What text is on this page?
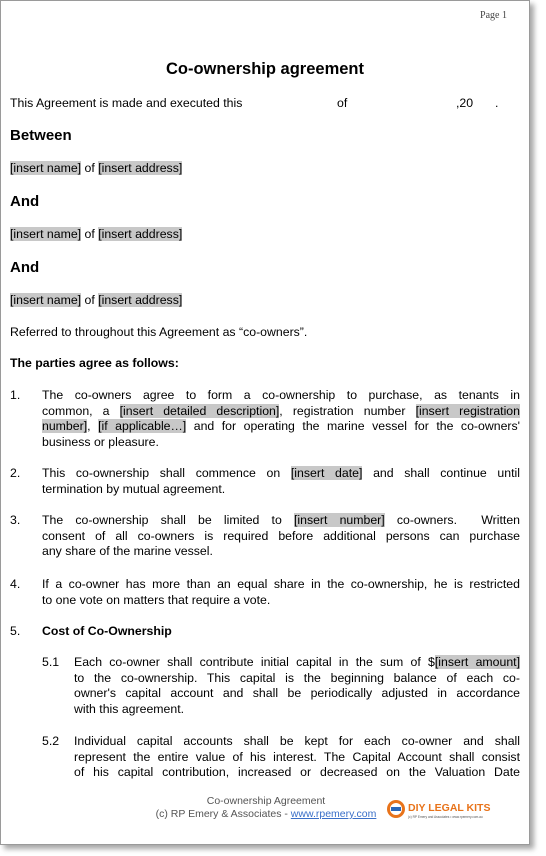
Page 1
Co-ownership agreement
This Agreement is made and executed this	of	,20 .
Between
[insert name] of [insert address]
And
[insert name] of [insert address]
And
[insert name] of [insert address]
Referred to throughout this Agreement as “co-owners”.
The parties agree as follows:
1. The co-owners agree to form a co-ownership to purchase, as tenants in
common, a [insert detailed description], registration number [insert registration
number], [if applicable…] and for operating the marine vessel for the co-owners'
business or pleasure.
2. This co-ownership shall commence on [insert date] and shall continue until
termination by mutual agreement.
3. The co-ownership shall be limited to [insert number] co-owners.  Written
consent of all co-owners is required before additional persons can purchase
any share of the marine vessel.
4. If a co-owner has more than an equal share in the co-ownership, he is restricted
to one vote on matters that require a vote.
5. Cost of Co-Ownership
5.1 Each co-owner shall contribute initial capital in the sum of $[insert amount]
to the co-ownership. This capital is the beginning balance of each co-
owner's capital account and shall be periodically adjusted in accordance
with this agreement.
5.2 Individual capital accounts shall be kept for each co-owner and shall
represent the entire value of his interest. The Capital Account shall consist
of his capital contribution, increased or decreased on the Valuation Date
Co-ownership Agreement
(c) RP Emery & Associates - www.rpemery.com	DIY LEGAL KITS
(c) RP Emery and Associates • www.rpemery.com.au
